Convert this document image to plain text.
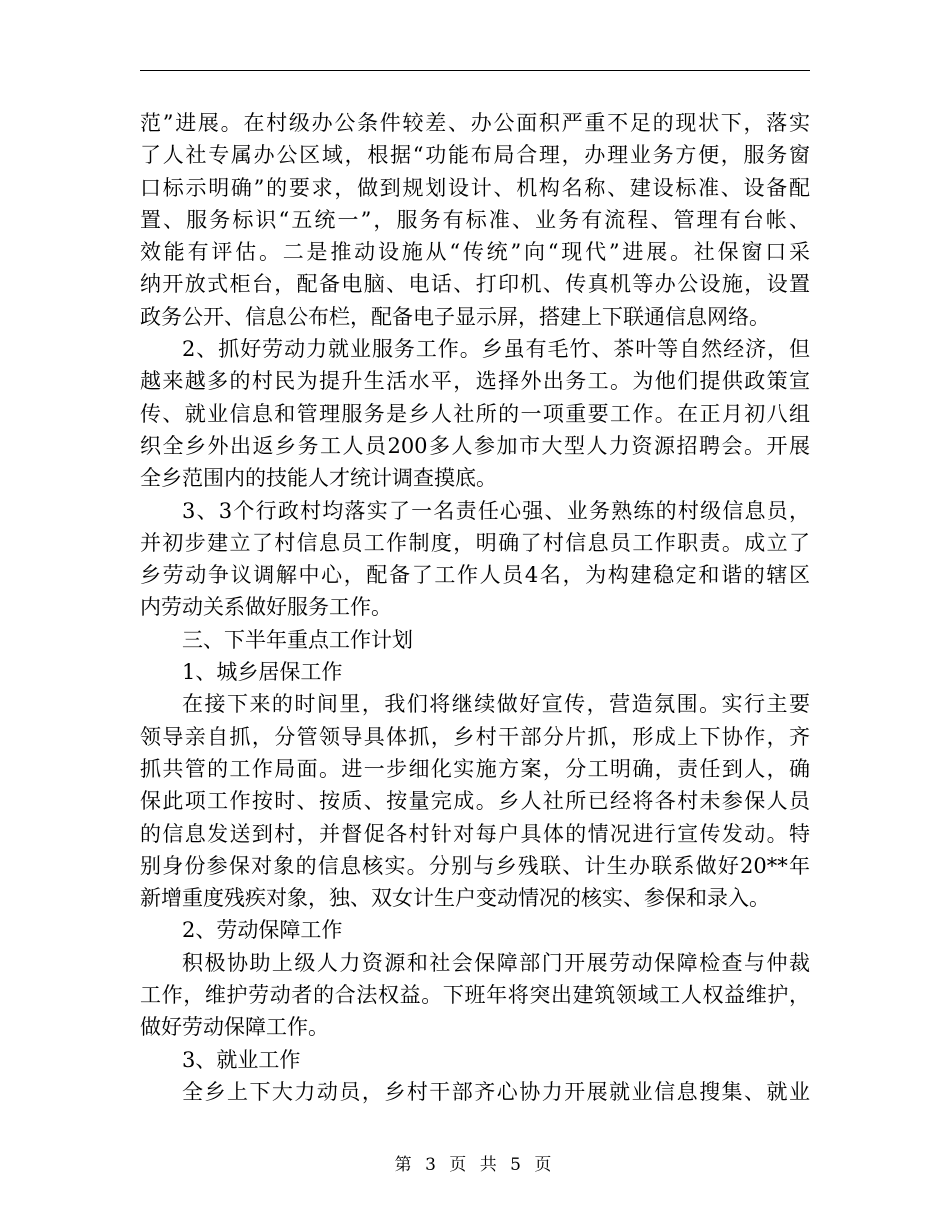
范”进展。在村级办公条件较差、办公面积严重不足的现状下，落实
了人社专属办公区域，根据“功能布局合理，办理业务方便，服务窗
口标示明确”的要求，做到规划设计、机构名称、建设标准、设备配
置、服务标识“五统一”，服务有标准、业务有流程、管理有台帐、
效能有评估。二是推动设施从“传统”向“现代”进展。社保窗口采
纳开放式柜台，配备电脑、电话、打印机、传真机等办公设施，设置
政务公开、信息公布栏，配备电子显示屏，搭建上下联通信息网络。
2、抓好劳动力就业服务工作。乡虽有毛竹、茶叶等自然经济，但
越来越多的村民为提升生活水平，选择外出务工。为他们提供政策宣
传、就业信息和管理服务是乡人社所的一项重要工作。在正月初八组
织全乡外出返乡务工人员200多人参加市大型人力资源招聘会。开展
全乡范围内的技能人才统计调查摸底。
3、3个行政村均落实了一名责任心强、业务熟练的村级信息员，
并初步建立了村信息员工作制度，明确了村信息员工作职责。成立了
乡劳动争议调解中心，配备了工作人员4名，为构建稳定和谐的辖区
内劳动关系做好服务工作。
三、下半年重点工作计划
1、城乡居保工作
在接下来的时间里，我们将继续做好宣传，营造氛围。实行主要
领导亲自抓，分管领导具体抓，乡村干部分片抓，形成上下协作，齐
抓共管的工作局面。进一步细化实施方案，分工明确，责任到人，确
保此项工作按时、按质、按量完成。乡人社所已经将各村未参保人员
的信息发送到村，并督促各村针对每户具体的情况进行宣传发动。特
别身份参保对象的信息核实。分别与乡残联、计生办联系做好20**年
新增重度残疾对象，独、双女计生户变动情况的核实、参保和录入。
2、劳动保障工作
积极协助上级人力资源和社会保障部门开展劳动保障检查与仲裁
工作，维护劳动者的合法权益。下班年将突出建筑领域工人权益维护，
做好劳动保障工作。
3、就业工作
全乡上下大力动员，乡村干部齐心协力开展就业信息搜集、就业
第 3 页 共 5 页
